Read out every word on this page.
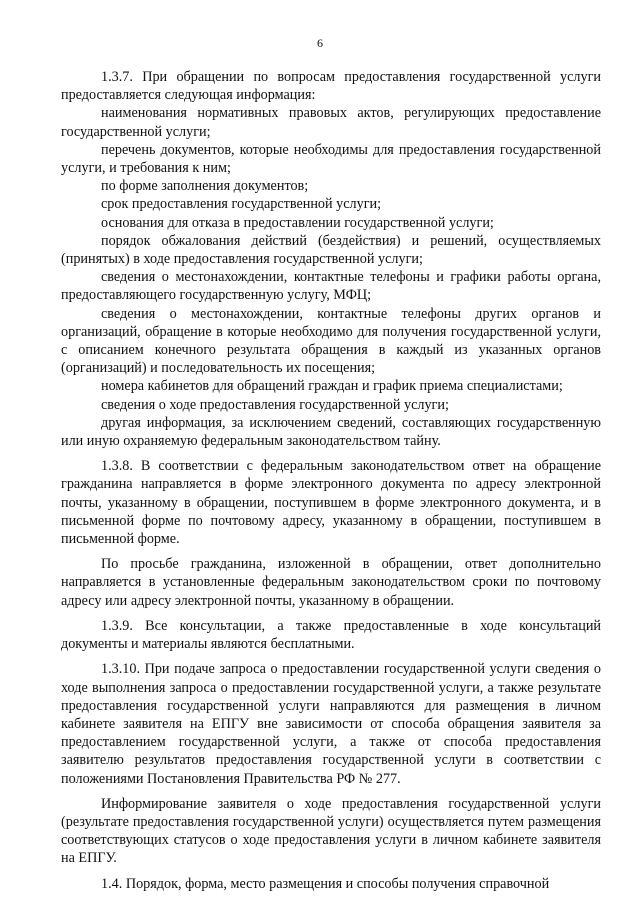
6

1.3.7. При обращении по вопросам предоставления государственной услуги предоставляется следующая информация:

наименования нормативных правовых актов, регулирующих предоставление государственной услуги;

перечень документов, которые необходимы для предоставления государственной услуги, и требования к ним;

по форме заполнения документов;

срок предоставления государственной услуги;

основания для отказа в предоставлении государственной услуги;

порядок обжалования действий (бездействия) и решений, осуществляемых (принятых) в ходе предоставления государственной услуги;

сведения о местонахождении, контактные телефоны и графики работы органа, предоставляющего государственную услугу, МФЦ;

сведения о местонахождении, контактные телефоны других органов и организаций, обращение в которые необходимо для получения государственной услуги, с описанием конечного результата обращения в каждый из указанных органов (организаций) и последовательность их посещения;

номера кабинетов для обращений граждан и график приема специалистами;

сведения о ходе предоставления государственной услуги;

другая информация, за исключением сведений, составляющих государственную или иную охраняемую федеральным законодательством тайну.

1.3.8. В соответствии с федеральным законодательством ответ на обращение гражданина направляется в форме электронного документа по адресу электронной почты, указанному в обращении, поступившем в форме электронного документа, и в письменной форме по почтовому адресу, указанному в обращении, поступившем в письменной форме.

По просьбе гражданина, изложенной в обращении, ответ дополнительно направляется в установленные федеральным законодательством сроки по почтовому адресу или адресу электронной почты, указанному в обращении.

1.3.9. Все консультации, а также предоставленные в ходе консультаций документы и материалы являются бесплатными.

1.3.10. При подаче запроса о предоставлении государственной услуги сведения о ходе выполнения запроса о предоставлении государственной услуги, а также результате предоставления государственной услуги направляются для размещения в личном кабинете заявителя на ЕПГУ вне зависимости от способа обращения заявителя за предоставлением государственной услуги, а также от способа предоставления заявителю результатов предоставления государственной услуги в соответствии с положениями Постановления Правительства РФ № 277.

Информирование заявителя о ходе предоставления государственной услуги (результате предоставления государственной услуги) осуществляется путем размещения соответствующих статусов о ходе предоставления услуги в личном кабинете заявителя на ЕПГУ.

1.4. Порядок, форма, место размещения и способы получения справочной
